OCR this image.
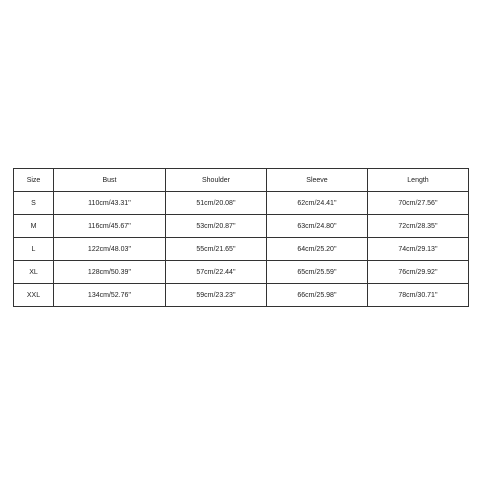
Size	Bust	Shoulder	Sleeve	Length
S	110cm/43.31''	51cm/20.08''	62cm/24.41''	70cm/27.56''
M	116cm/45.67''	53cm/20.87''	63cm/24.80''	72cm/28.35''
L	122cm/48.03''	55cm/21.65''	64cm/25.20''	74cm/29.13''
XL	128cm/50.39''	57cm/22.44''	65cm/25.59''	76cm/29.92''
XXL	134cm/52.76''	59cm/23.23''	66cm/25.98''	78cm/30.71''
